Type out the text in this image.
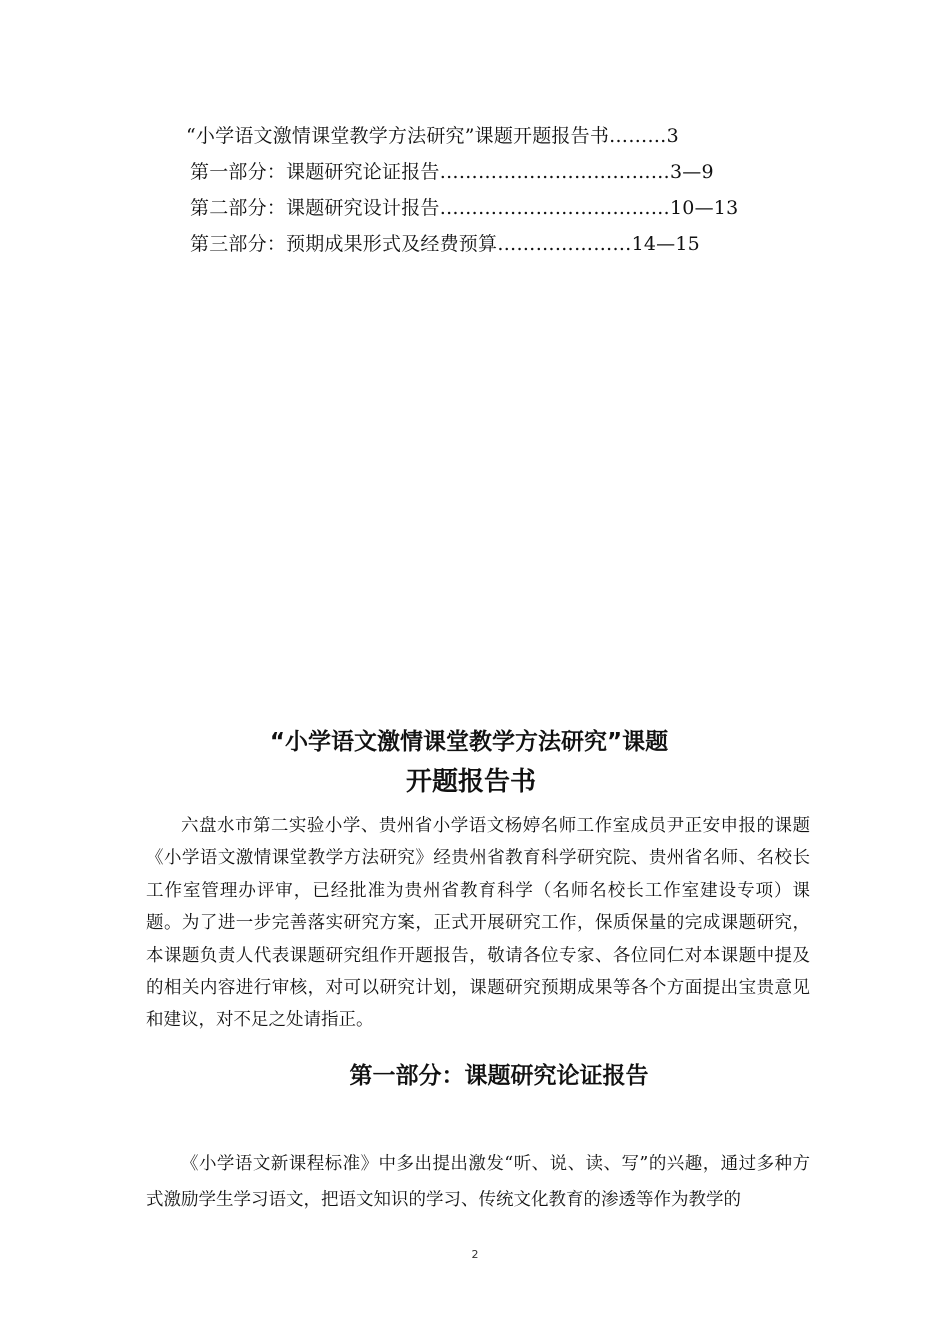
“小学语文激情课堂教学方法研究”课题开题报告书………3
第一部分：课题研究论证报告………………………………3—9
第二部分：课题研究设计报告………………………………10—13
第三部分：预期成果形式及经费预算…………………14—15
“小学语文激情课堂教学方法研究”课题
开题报告书
六盘水市第二实验小学、贵州省小学语文杨婷名师工作室成员尹正安申报的课题《小学语文激情课堂教学方法研究》经贵州省教育科学研究院、贵州省名师、名校长工作室管理办评审，已经批准为贵州省教育科学（名师名校长工作室建设专项）课题。为了进一步完善落实研究方案，正式开展研究工作，保质保量的完成课题研究，本课题负责人代表课题研究组作开题报告，敬请各位专家、各位同仁对本课题中提及的相关内容进行审核，对可以研究计划，课题研究预期成果等各个方面提出宝贵意见和建议，对不足之处请指正。
第一部分：课题研究论证报告
《小学语文新课程标准》中多出提出激发“听、说、读、写”的兴趣，通过多种方式激励学生学习语文，把语文知识的学习、传统文化教育的渗透等作为教学的
2
